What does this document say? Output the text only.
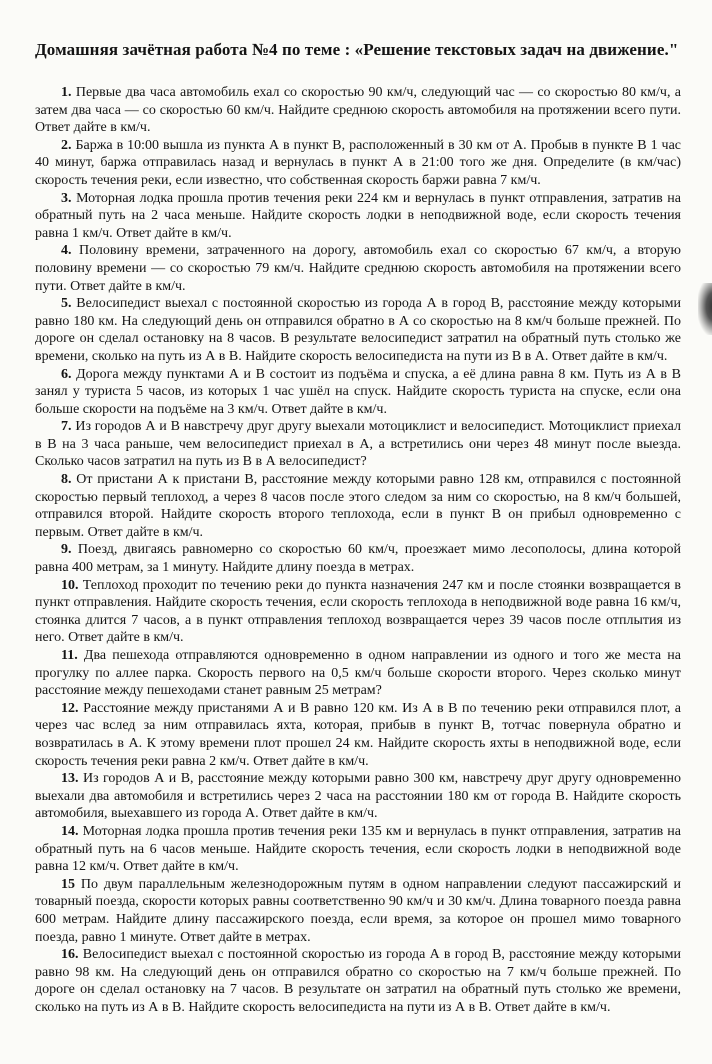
Домашняя зачётная работа №4 по теме : «Решение текстовых задач на движение."

1. Первые два часа автомобиль ехал со скоростью 90 км/ч, следующий час — со скоростью 80 км/ч, а затем два часа — со скоростью 60 км/ч. Найдите среднюю скорость автомобиля на протяжении всего пути. Ответ дайте в км/ч.

2. Баржа в 10:00 вышла из пункта А в пункт В, расположенный в 30 км от А. Пробыв в пункте В 1 час 40 минут, баржа отправилась назад и вернулась в пункт А в 21:00 того же дня. Определите (в км/час) скорость течения реки, если известно, что собственная скорость баржи равна 7 км/ч.

3. Моторная лодка прошла против течения реки 224 км и вернулась в пункт отправления, затратив на обратный путь на 2 часа меньше. Найдите скорость лодки в неподвижной воде, если скорость течения равна 1 км/ч. Ответ дайте в км/ч.

4. Половину времени, затраченного на дорогу, автомобиль ехал со скоростью 67 км/ч, а вторую половину времени — со скоростью 79 км/ч. Найдите среднюю скорость автомобиля на протяжении всего пути. Ответ дайте в км/ч.

5. Велосипедист выехал с постоянной скоростью из города А в город В, расстояние между которыми равно 180 км. На следующий день он отправился обратно в А со скоростью на 8 км/ч больше прежней. По дороге он сделал остановку на 8 часов. В результате велосипедист затратил на обратный путь столько же времени, сколько на путь из А в В. Найдите скорость велосипедиста на пути из В в А. Ответ дайте в км/ч.

6. Дорога между пунктами А и В состоит из подъёма и спуска, а её длина равна 8 км. Путь из А в В занял у туриста 5 часов, из которых 1 час ушёл на спуск. Найдите скорость туриста на спуске, если она больше скорости на подъёме на 3 км/ч. Ответ дайте в км/ч.

7. Из городов А и В навстречу друг другу выехали мотоциклист и велосипедист. Мотоциклист приехал в В на 3 часа раньше, чем велосипедист приехал в А, а встретились они через 48 минут после выезда. Сколько часов затратил на путь из В в А велосипедист?

8. От пристани А к пристани В, расстояние между которыми равно 128 км, отправился с постоянной скоростью первый теплоход, а через 8 часов после этого следом за ним со скоростью, на 8 км/ч большей, отправился второй. Найдите скорость второго теплохода, если в пункт В он прибыл одновременно с первым. Ответ дайте в км/ч.

9. Поезд, двигаясь равномерно со скоростью 60 км/ч, проезжает мимо лесополосы, длина которой равна 400 метрам, за 1 минуту. Найдите длину поезда в метрах.

10. Теплоход проходит по течению реки до пункта назначения 247 км и после стоянки возвращается в пункт отправления. Найдите скорость течения, если скорость теплохода в неподвижной воде равна 16 км/ч, стоянка длится 7 часов, а в пункт отправления теплоход возвращается через 39 часов после отплытия из него. Ответ дайте в км/ч.

11. Два пешехода отправляются одновременно в одном направлении из одного и того же места на прогулку по аллее парка. Скорость первого на 0,5 км/ч больше скорости второго. Через сколько минут расстояние между пешеходами станет равным 25 метрам?

12. Расстояние между пристанями А и В равно 120 км. Из А в В по течению реки отправился плот, а через час вслед за ним отправилась яхта, которая, прибыв в пункт В, тотчас повернула обратно и возвратилась в А. К этому времени плот прошел 24 км. Найдите скорость яхты в неподвижной воде, если скорость течения реки равна 2 км/ч. Ответ дайте в км/ч.

13. Из городов А и В, расстояние между которыми равно 300 км, навстречу друг другу одновременно выехали два автомобиля и встретились через 2 часа на расстоянии 180 км от города В. Найдите скорость автомобиля, выехавшего из города А. Ответ дайте в км/ч.

14. Моторная лодка прошла против течения реки 135 км и вернулась в пункт отправления, затратив на обратный путь на 6 часов меньше. Найдите скорость течения, если скорость лодки в неподвижной воде равна 12 км/ч. Ответ дайте в км/ч.

15 По двум параллельным железнодорожным путям в одном направлении следуют пассажирский и товарный поезда, скорости которых равны соответственно 90 км/ч и 30 км/ч. Длина товарного поезда равна 600 метрам. Найдите длину пассажирского поезда, если время, за которое он прошел мимо товарного поезда, равно 1 минуте. Ответ дайте в метрах.

16. Велосипедист выехал с постоянной скоростью из города А в город В, расстояние между которыми равно 98 км. На следующий день он отправился обратно со скоростью на 7 км/ч больше прежней. По дороге он сделал остановку на 7 часов. В результате он затратил на обратный путь столько же времени, сколько на путь из А в В. Найдите скорость велосипедиста на пути из А в В. Ответ дайте в км/ч.
